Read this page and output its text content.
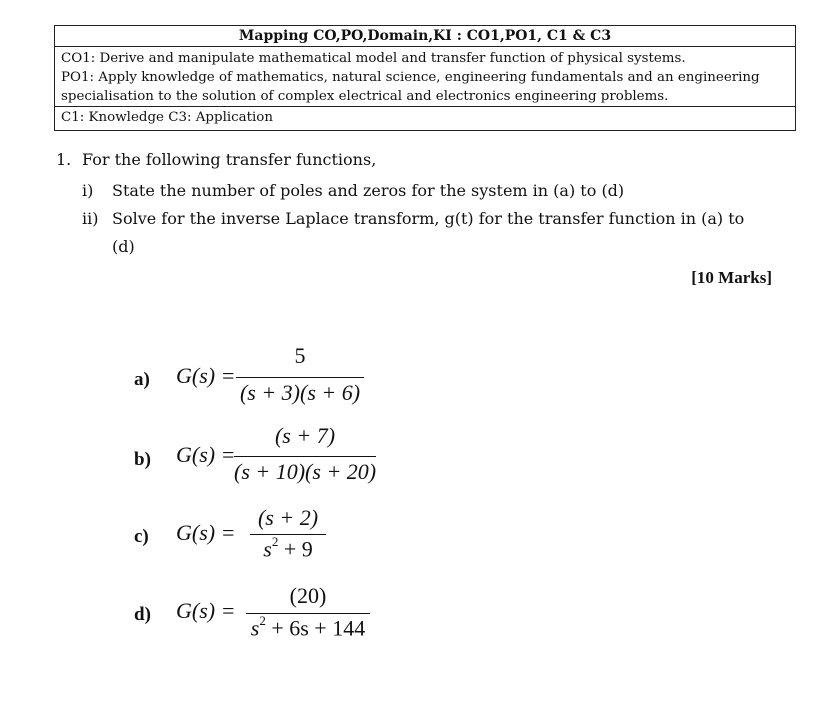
Mapping CO,PO,Domain,KI : CO1,PO1, C1 & C3
CO1: Derive and manipulate mathematical model and transfer function of physical systems.
PO1: Apply knowledge of mathematics, natural science, engineering fundamentals and an engineering
specialisation to the solution of complex electrical and electronics engineering problems.
C1: Knowledge C3: Application
1. For the following transfer functions,
i) State the number of poles and zeros for the system in (a) to (d)
ii) Solve for the inverse Laplace transform, g(t) for the transfer function in (a) to
(d)
[10 Marks]
a) G(s) =
5
(s + 3)(s + 6)
b) G(s) =
(s + 7)
(s + 10)(s + 20)
c) G(s) =
(s + 2)
$s^2 + 9$
d) G(s) =
(20)
$s^2 + 6s + 144$
